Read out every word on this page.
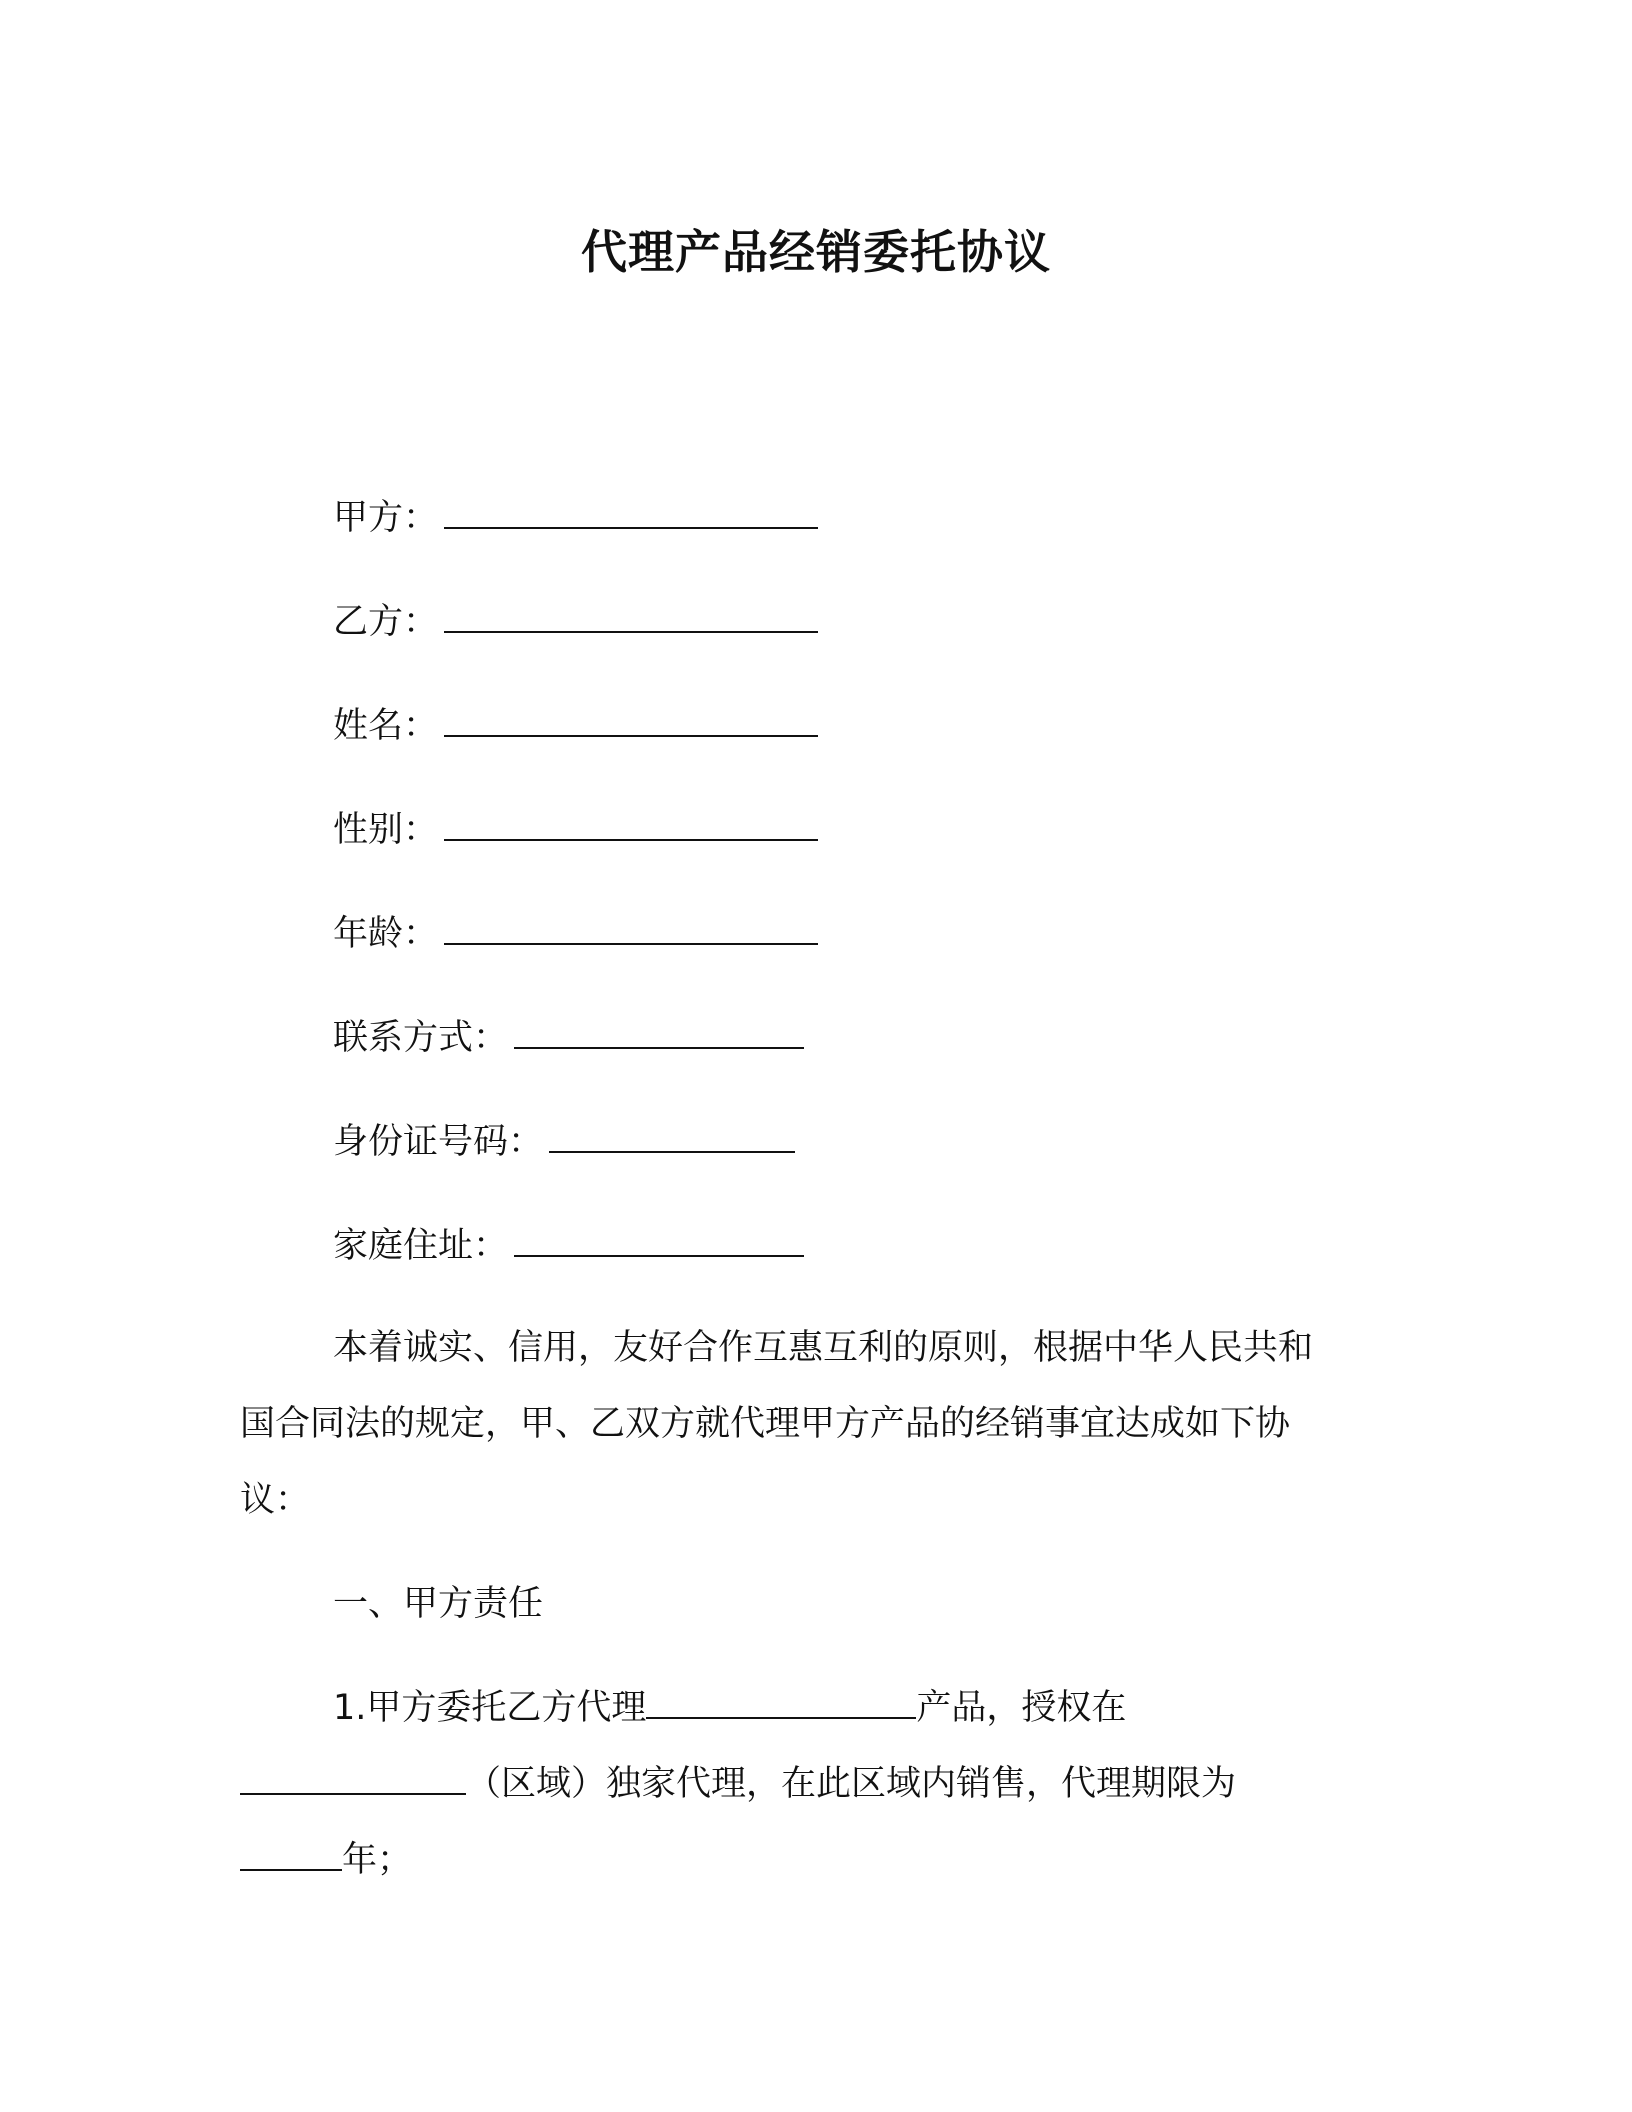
代理产品经销委托协议
甲方：
乙方：
姓名：
性别：
年龄：
联系方式：
身份证号码：
家庭住址：
本着诚实、信用，友好合作互惠互利的原则，根据中华人民共和
国合同法的规定，甲、乙双方就代理甲方产品的经销事宜达成如下协
议：
一、甲方责任
1.甲方委托乙方代理	产品，授权在
（区域）独家代理，在此区域内销售，代理期限为
年；
